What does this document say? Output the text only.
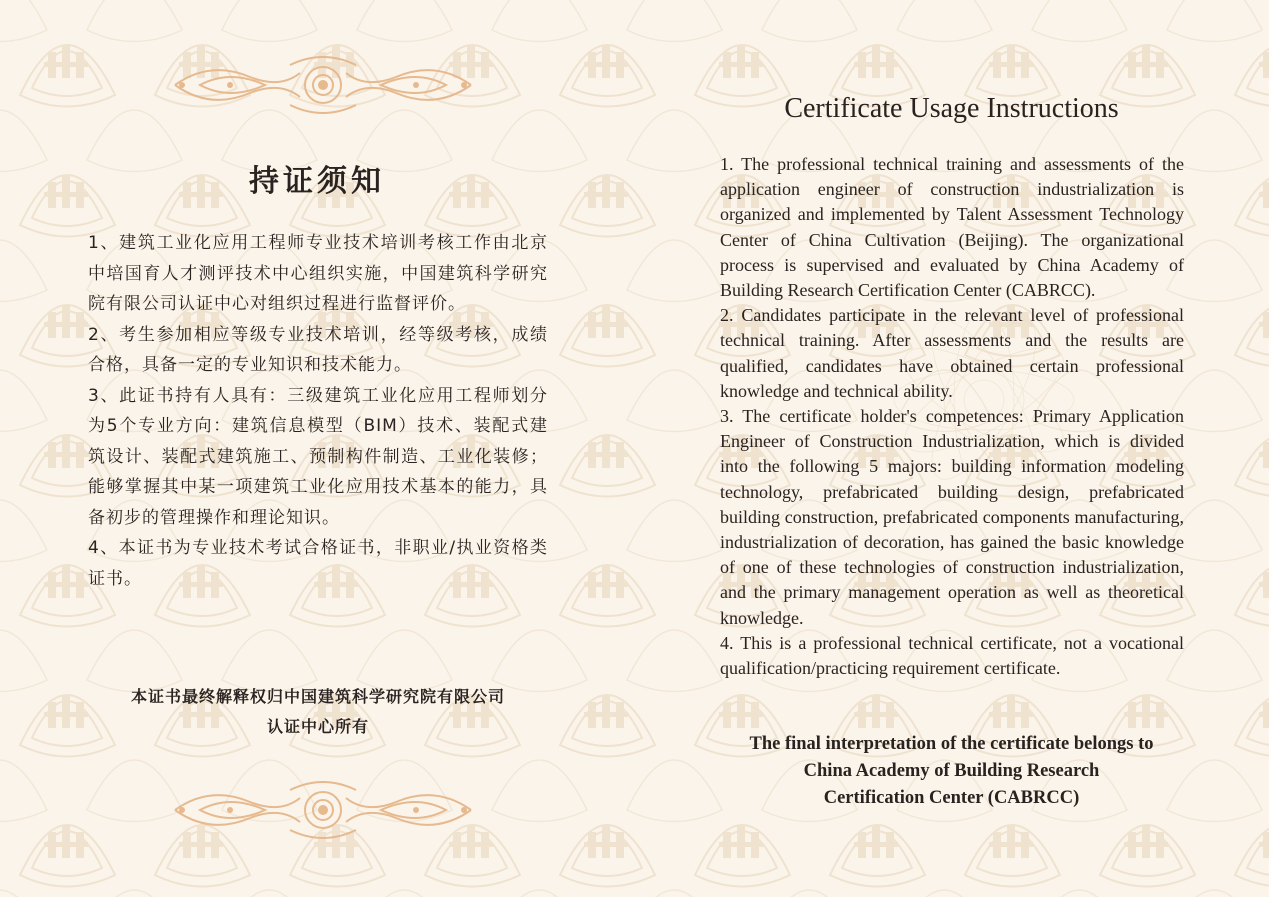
持证须知

1、建筑工业化应用工程师专业技术培训考核工作由北京中培国育人才测评技术中心组织实施，中国建筑科学研究院有限公司认证中心对组织过程进行监督评价。

2、考生参加相应等级专业技术培训，经等级考核，成绩合格，具备一定的专业知识和技术能力。

3、此证书持有人具有：三级建筑工业化应用工程师划分为5个专业方向：建筑信息模型（BIM）技术、装配式建筑设计、装配式建筑施工、预制构件制造、工业化装修；能够掌握其中某一项建筑工业化应用技术基本的能力，具备初步的管理操作和理论知识。

4、本证书为专业技术考试合格证书，非职业/执业资格类证书。

本证书最终解释权归中国建筑科学研究院有限公司
认证中心所有
Certificate Usage Instructions

1. The professional technical training and assessments of the application engineer of construction industrialization is organized and implemented by Talent Assessment Technology Center of China Cultivation (Beijing). The organizational process is supervised and evaluated by China Academy of Building Research Certification Center (CABRCC).

2. Candidates participate in the relevant level of professional technical training. After assessments and the results are qualified, candidates have obtained certain professional knowledge and technical ability.

3. The certificate holder's competences: Primary Application Engineer of Construction Industrialization, which is divided into the following 5 majors: building information modeling technology, prefabricated building design, prefabricated building construction, prefabricated components manufacturing, industrialization of decoration, has gained the basic knowledge of one of these technologies of construction industrialization, and the primary management operation as well as theoretical knowledge.

4. This is a professional technical certificate, not a vocational qualification/practicing requirement certificate.

The final interpretation of the certificate belongs to
China Academy of Building Research
Certification Center (CABRCC)
